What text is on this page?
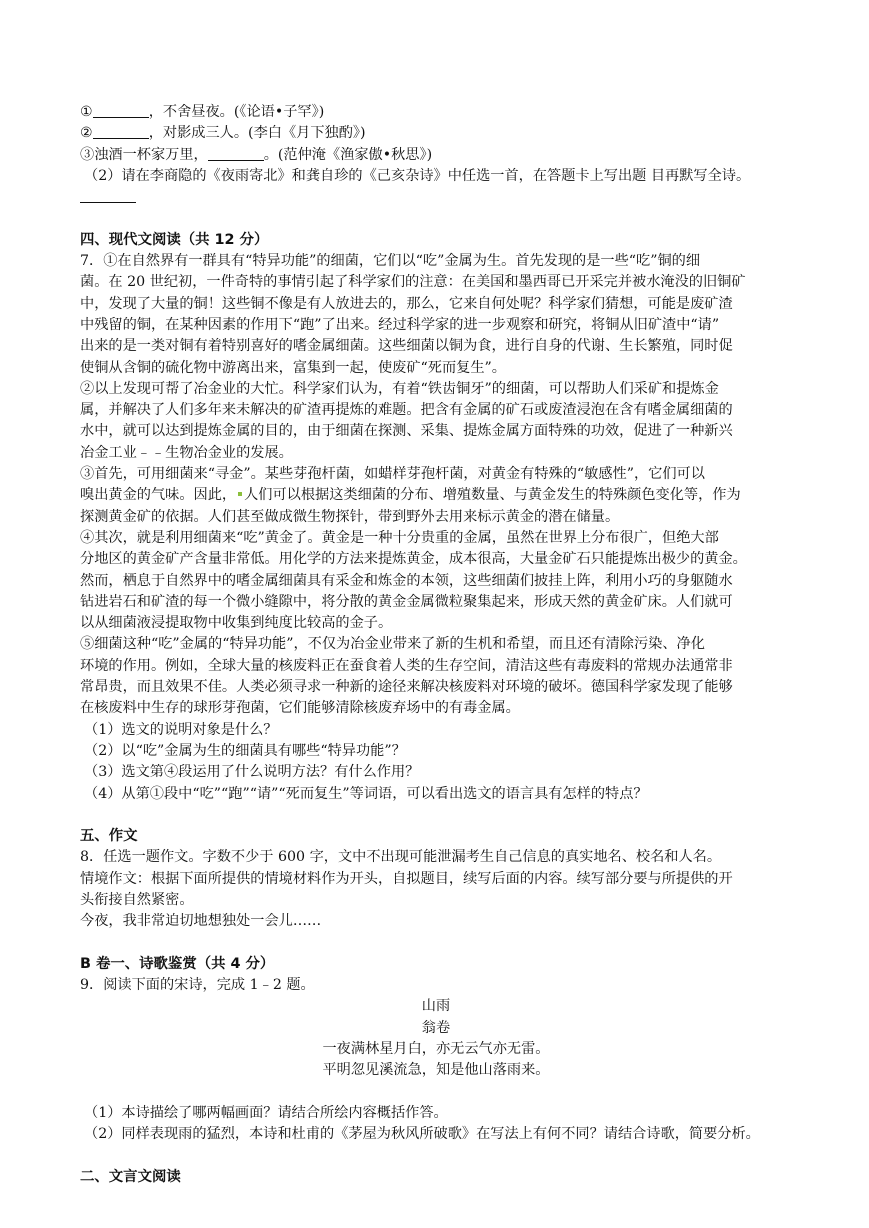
①	，不舍昼夜。(《论语•子罕》)
②	，对影成三人。(李白《月下独酌》)
③浊酒一杯家万里，	。(范仲淹《渔家傲•秋思》)
（2）请在李商隐的《夜雨寄北》和龚自珍的《己亥杂诗》中任选一首，在答题卡上写出题 目再默写全诗。
四、现代文阅读（共 12 分）
7．①在自然界有一群具有“特异功能”的细菌，它们以“吃”金属为生。首先发现的是一些“吃”铜的细
菌。在 20 世纪初，一件奇特的事情引起了科学家们的注意：在美国和墨西哥已开采完并被水淹没的旧铜矿
中，发现了大量的铜！这些铜不像是有人放进去的，那么，它来自何处呢？科学家们猜想，可能是废矿渣
中残留的铜，在某种因素的作用下“跑”了出来。经过科学家的进一步观察和研究，将铜从旧矿渣中“请”
出来的是一类对铜有着特别喜好的嗜金属细菌。这些细菌以铜为食，进行自身的代谢、生长繁殖，同时促
使铜从含铜的硫化物中游离出来，富集到一起，使废矿“死而复生”。
②以上发现可帮了冶金业的大忙。科学家们认为，有着“铁齿铜牙”的细菌，可以帮助人们采矿和提炼金
属，并解决了人们多年来未解决的矿渣再提炼的难题。把含有金属的矿石或废渣浸泡在含有嗜金属细菌的
水中，就可以达到提炼金属的目的，由于细菌在探测、采集、提炼金属方面特殊的功效，促进了一种新兴
冶金工业﹣﹣生物冶金业的发展。
③首先，可用细菌来“寻金”。某些芽孢杆菌，如蜡样芽孢杆菌，对黄金有特殊的“敏感性”，它们可以
嗅出黄金的气味。因此， 人们可以根据这类细菌的分布、增殖数量、与黄金发生的特殊颜色变化等，作为
探测黄金矿的依据。人们甚至做成微生物探针，带到野外去用来标示黄金的潜在储量。
④其次，就是利用细菌来“吃”黄金了。黄金是一种十分贵重的金属，虽然在世界上分布很广，但绝大部
分地区的黄金矿产含量非常低。用化学的方法来提炼黄金，成本很高，大量金矿石只能提炼出极少的黄金。
然而，栖息于自然界中的嗜金属细菌具有采金和炼金的本领，这些细菌们披挂上阵，利用小巧的身躯随水
钻进岩石和矿渣的每一个微小缝隙中，将分散的黄金金属微粒聚集起来，形成天然的黄金矿床。人们就可
以从细菌液浸提取物中收集到纯度比较高的金子。
⑤细菌这种“吃”金属的“特异功能”，不仅为冶金业带来了新的生机和希望，而且还有清除污染、净化
环境的作用。例如，全球大量的核废料正在蚕食着人类的生存空间，清洁这些有毒废料的常规办法通常非
常昂贵，而且效果不佳。人类必须寻求一种新的途径来解决核废料对环境的破坏。德国科学家发现了能够
在核废料中生存的球形芽孢菌，它们能够清除核废弃场中的有毒金属。
（1）选文的说明对象是什么？
（2）以“吃”金属为生的细菌具有哪些“特异功能”？
（3）选文第④段运用了什么说明方法？有什么作用？
（4）从第①段中“吃”“跑”“请”“死而复生”等词语，可以看出选文的语言具有怎样的特点？
五、作文
8．任选一题作文。字数不少于 600 字，文中不出现可能泄漏考生自己信息的真实地名、校名和人名。
情境作文：根据下面所提供的情境材料作为开头，自拟题目，续写后面的内容。续写部分要与所提供的开
头衔接自然紧密。
今夜，我非常迫切地想独处一会儿……
B 卷一、诗歌鉴赏（共 4 分）
9．阅读下面的宋诗，完成 1﹣2 题。
山雨
翁卷
一夜满林星月白，亦无云气亦无雷。
平明忽见溪流急，知是他山落雨来。
（1）本诗描绘了哪两幅画面？请结合所绘内容概括作答。
（2）同样表现雨的猛烈，本诗和杜甫的《茅屋为秋风所破歌》在写法上有何不同？请结合诗歌，简要分析。
二、文言文阅读
